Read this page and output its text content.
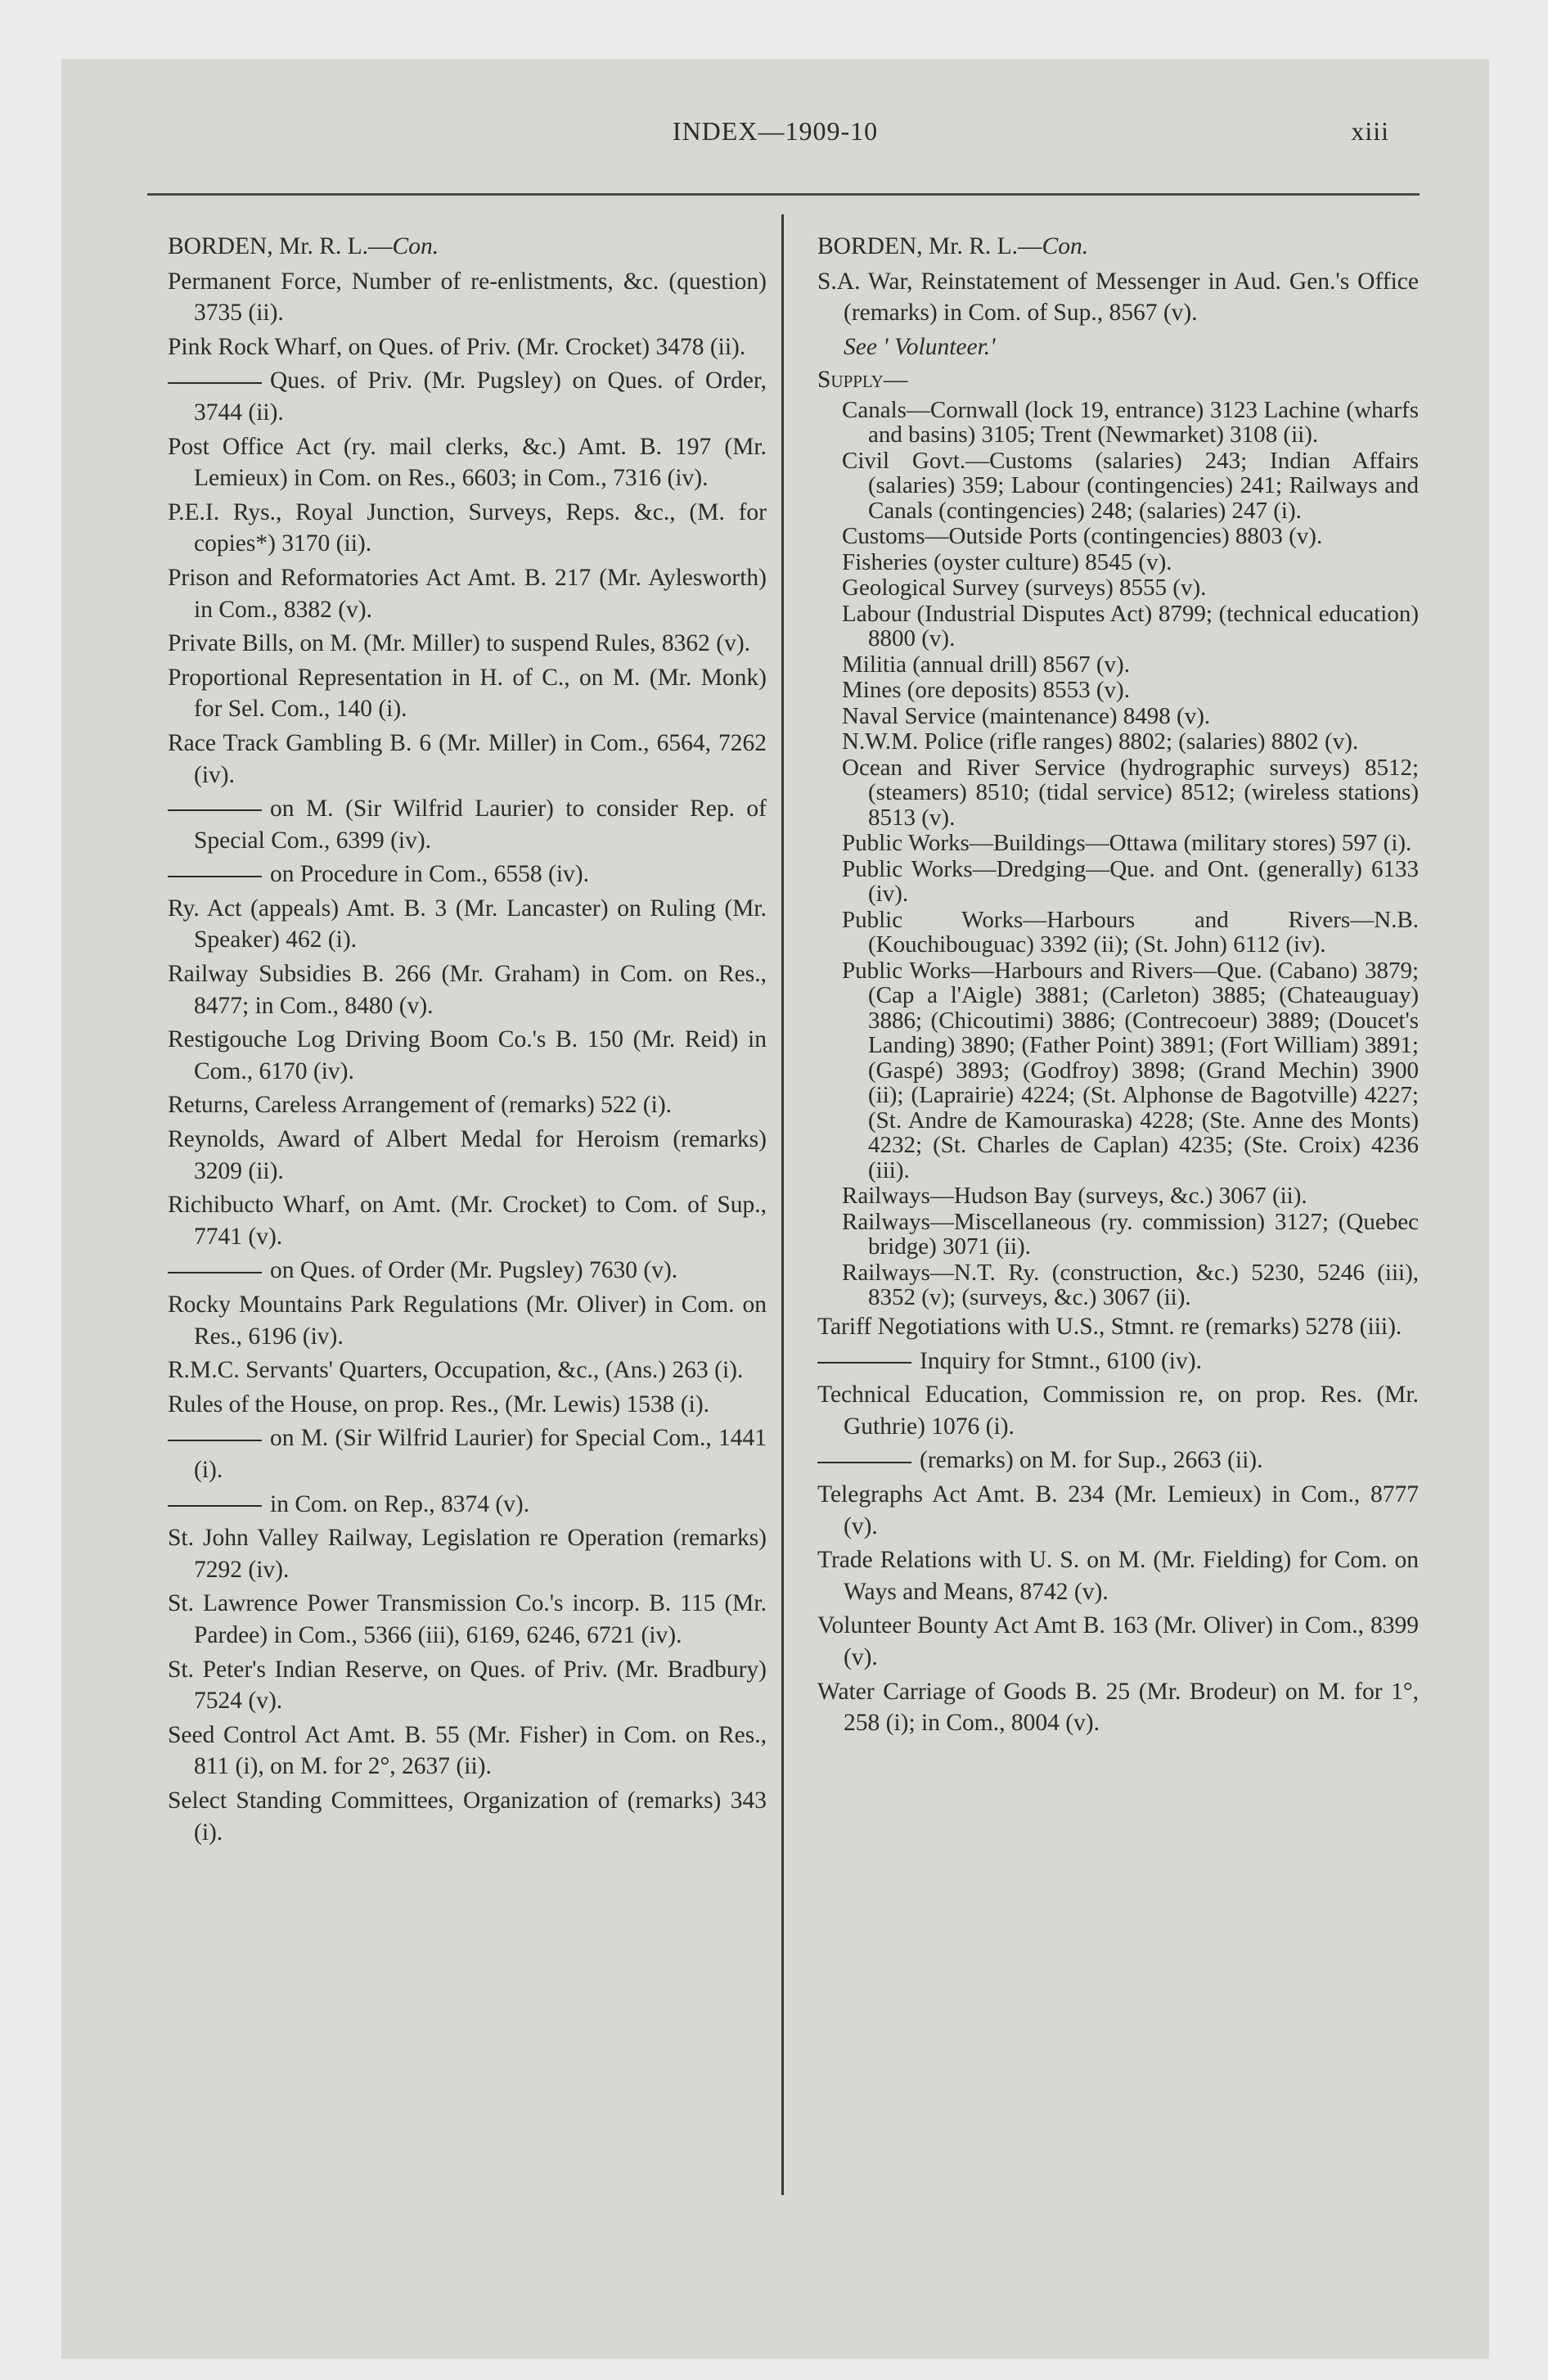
INDEX—1909-10	xiii
BORDEN, Mr. R. L.—Con.
Permanent Force, Number of re-enlistments, &c. (question) 3735 (ii).
Pink Rock Wharf, on Ques. of Priv. (Mr. Crocket) 3478 (ii).
Ques. of Priv. (Mr. Pugsley) on Ques. of Order, 3744 (ii).
Post Office Act (ry. mail clerks, &c.) Amt. B. 197 (Mr. Lemieux) in Com. on Res., 6603; in Com., 7316 (iv).
P.E.I. Rys., Royal Junction, Surveys, Reps. &c., (M. for copies*) 3170 (ii).
Prison and Reformatories Act Amt. B. 217 (Mr. Aylesworth) in Com., 8382 (v).
Private Bills, on M. (Mr. Miller) to suspend Rules, 8362 (v).
Proportional Representation in H. of C., on M. (Mr. Monk) for Sel. Com., 140 (i).
Race Track Gambling B. 6 (Mr. Miller) in Com., 6564, 7262 (iv).
on M. (Sir Wilfrid Laurier) to consider Rep. of Special Com., 6399 (iv).
on Procedure in Com., 6558 (iv).
Ry. Act (appeals) Amt. B. 3 (Mr. Lancaster) on Ruling (Mr. Speaker) 462 (i).
Railway Subsidies B. 266 (Mr. Graham) in Com. on Res., 8477; in Com., 8480 (v).
Restigouche Log Driving Boom Co.'s B. 150 (Mr. Reid) in Com., 6170 (iv).
Returns, Careless Arrangement of (remarks) 522 (i).
Reynolds, Award of Albert Medal for Heroism (remarks) 3209 (ii).
Richibucto Wharf, on Amt. (Mr. Crocket) to Com. of Sup., 7741 (v).
on Ques. of Order (Mr. Pugsley) 7630 (v).
Rocky Mountains Park Regulations (Mr. Oliver) in Com. on Res., 6196 (iv).
R.M.C. Servants' Quarters, Occupation, &c., (Ans.) 263 (i).
Rules of the House, on prop. Res., (Mr. Lewis) 1538 (i).
on M. (Sir Wilfrid Laurier) for Special Com., 1441 (i).
in Com. on Rep., 8374 (v).
St. John Valley Railway, Legislation re Operation (remarks) 7292 (iv).
St. Lawrence Power Transmission Co.'s incorp. B. 115 (Mr. Pardee) in Com., 5366 (iii), 6169, 6246, 6721 (iv).
St. Peter's Indian Reserve, on Ques. of Priv. (Mr. Bradbury) 7524 (v).
Seed Control Act Amt. B. 55 (Mr. Fisher) in Com. on Res., 811 (i), on M. for 2°, 2637 (ii).
Select Standing Committees, Organization of (remarks) 343 (i).
BORDEN, Mr. R. L.—Con.
S.A. War, Reinstatement of Messenger in Aud. Gen.'s Office (remarks) in Com. of Sup., 8567 (v).
See ' Volunteer.'
Supply—
Canals—Cornwall (lock 19, entrance) 3123 Lachine (wharfs and basins) 3105; Trent (Newmarket) 3108 (ii).
Civil Govt.—Customs (salaries) 243; Indian Affairs (salaries) 359; Labour (contingencies) 241; Railways and Canals (contingencies) 248; (salaries) 247 (i).
Customs—Outside Ports (contingencies) 8803 (v).
Fisheries (oyster culture) 8545 (v).
Geological Survey (surveys) 8555 (v).
Labour (Industrial Disputes Act) 8799; (technical education) 8800 (v).
Militia (annual drill) 8567 (v).
Mines (ore deposits) 8553 (v).
Naval Service (maintenance) 8498 (v).
N.W.M. Police (rifle ranges) 8802; (salaries) 8802 (v).
Ocean and River Service (hydrographic surveys) 8512; (steamers) 8510; (tidal service) 8512; (wireless stations) 8513 (v).
Public Works—Buildings—Ottawa (military stores) 597 (i).
Public Works—Dredging—Que. and Ont. (generally) 6133 (iv).
Public Works—Harbours and Rivers—N.B. (Kouchibouguac) 3392 (ii); (St. John) 6112 (iv).
Public Works—Harbours and Rivers—Que. (Cabano) 3879; (Cap a l'Aigle) 3881; (Carleton) 3885; (Chateauguay) 3886; (Chicoutimi) 3886; (Contrecoeur) 3889; (Doucet's Landing) 3890; (Father Point) 3891; (Fort William) 3891; (Gaspé) 3893; (Godfroy) 3898; (Grand Mechin) 3900 (ii); (Laprairie) 4224; (St. Alphonse de Bagotville) 4227; (St. Andre de Kamouraska) 4228; (Ste. Anne des Monts) 4232; (St. Charles de Caplan) 4235; (Ste. Croix) 4236 (iii).
Railways—Hudson Bay (surveys, &c.) 3067 (ii).
Railways—Miscellaneous (ry. commission) 3127; (Quebec bridge) 3071 (ii).
Railways—N.T. Ry. (construction, &c.) 5230, 5246 (iii), 8352 (v); (surveys, &c.) 3067 (ii).
Tariff Negotiations with U.S., Stmnt. re (remarks) 5278 (iii).
Inquiry for Stmnt., 6100 (iv).
Technical Education, Commission re, on prop. Res. (Mr. Guthrie) 1076 (i).
(remarks) on M. for Sup., 2663 (ii).
Telegraphs Act Amt. B. 234 (Mr. Lemieux) in Com., 8777 (v).
Trade Relations with U. S. on M. (Mr. Fielding) for Com. on Ways and Means, 8742 (v).
Volunteer Bounty Act Amt B. 163 (Mr. Oliver) in Com., 8399 (v).
Water Carriage of Goods B. 25 (Mr. Brodeur) on M. for 1°, 258 (i); in Com., 8004 (v).
